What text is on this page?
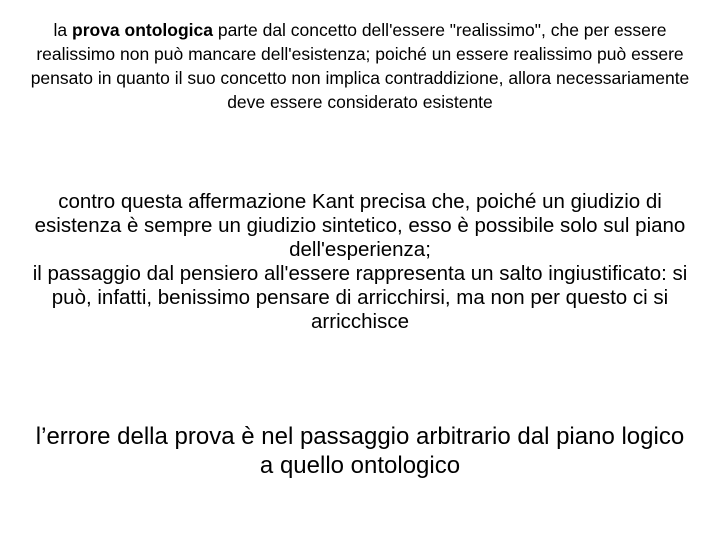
la prova ontologica parte dal concetto dell'essere "realissimo", che per essere realissimo non può mancare dell'esistenza; poiché un essere realissimo può essere pensato in quanto il suo concetto non implica contraddizione, allora necessariamente deve essere considerato esistente

contro questa affermazione Kant precisa che, poiché un giudizio di esistenza è sempre un giudizio sintetico, esso è possibile solo sul piano dell'esperienza;

il passaggio dal pensiero all'essere rappresenta un salto ingiustificato: si può, infatti, benissimo pensare di arricchirsi, ma non per questo ci si arricchisce

l’errore della prova è nel passaggio arbitrario dal piano logico a quello ontologico
